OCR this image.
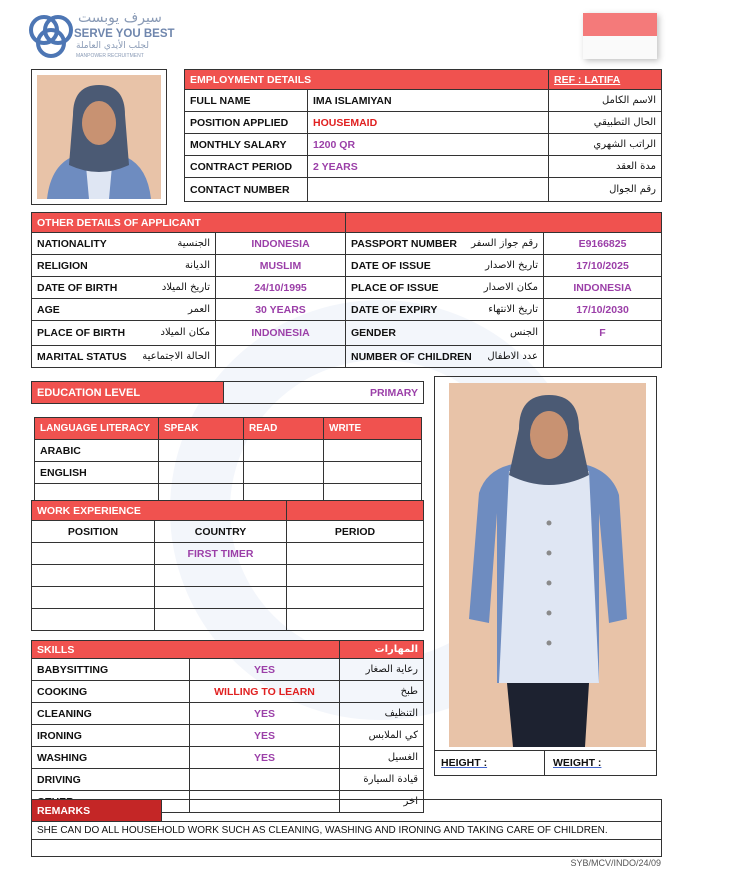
سيرف يوبست
SERVE YOU BEST
لجلب الأيدي العاملة
MANPOWER RECRUITMENT
EMPLOYMENT DETAILS		REF : LATIFA
FULL NAME	IMA ISLAMIYAN	الاسم الكامل
POSITION APPLIED	HOUSEMAID	الحال التطبيقي
MONTHLY SALARY	1200 QR	الراتب الشهري
CONTRACT PERIOD	2 YEARS	مدة العقد
CONTACT NUMBER		رقم الجوال
OTHER DETAILS OF APPLICANT			
NATIONALITY الجنسية	INDONESIA	PASSPORT NUMBER رقم جواز السفر	E9166825
RELIGION الديانة	MUSLIM	DATE OF ISSUE تاريخ الاصدار	17/10/2025
DATE OF BIRTH تاريخ الميلاد	24/10/1995	PLACE OF ISSUE مكان الاصدار	INDONESIA
AGE العمر	30 YEARS	DATE OF EXPIRY تاريخ الانتهاء	17/10/2030
PLACE OF BIRTH مكان الميلاد	INDONESIA	GENDER الجنس	F
MARITAL STATUS الحالة الاجتماعية		NUMBER OF CHILDREN عدد الاطفال	

EDUCATION LEVEL	PRIMARY
LANGUAGE LITERACY	SPEAK	READ	WRITE
ARABIC			
ENGLISH			

WORK EXPERIENCE		
POSITION	COUNTRY	PERIOD
	FIRST TIMER	

SKILLS		المهارات
BABYSITTING	YES	رعاية الصغار
COOKING	WILLING TO LEARN	طبخ
CLEANING	YES	التنظيف
IRONING	YES	كي الملابس
WASHING	YES	الغسيل
DRIVING		قيادة السيارة
		اخر
HEIGHT :	WEIGHT :
REMARKS	
SHE CAN DO ALL HOUSEHOLD WORK SUCH AS CLEANING, WASHING AND IRONING AND TAKING CARE OF CHILDREN.

SYB/MCV/INDO/24/09
